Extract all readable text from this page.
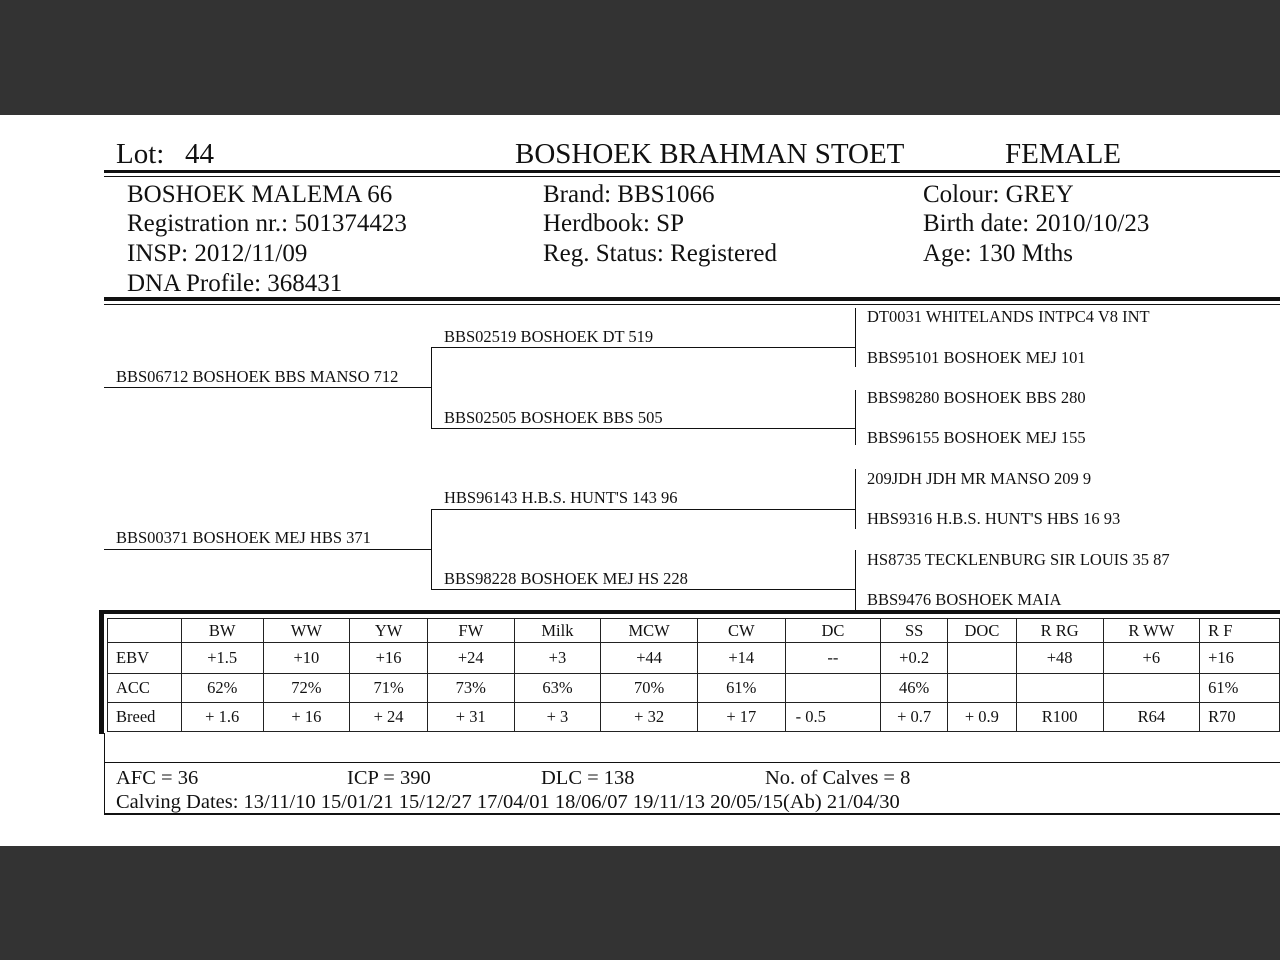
Lot: 44	BOSHOEK BRAHMAN STOET	FEMALE
BOSHOEK MALEMA 66
Registration nr.: 501374423
INSP: 2012/11/09
DNA Profile: 368431
Brand: BBS1066
Herdbook: SP
Reg. Status: Registered
Colour: GREY
Birth date: 2010/10/23
Age: 130 Mths
BBS06712 BOSHOEK BBS MANSO 712
BBS00371 BOSHOEK MEJ HBS 371
BBS02519 BOSHOEK DT 519
BBS02505 BOSHOEK BBS 505
HBS96143 H.B.S. HUNT'S 143 96
BBS98228 BOSHOEK MEJ HS 228
DT0031 WHITELANDS INTPC4 V8 INT
BBS95101 BOSHOEK MEJ 101
BBS98280 BOSHOEK BBS 280
BBS96155 BOSHOEK MEJ 155
209JDH JDH MR MANSO 209 9
HBS9316 H.B.S. HUNT'S HBS 16 93
HS8735 TECKLENBURG SIR LOUIS 35 87
BBS9476 BOSHOEK MAIA
	BW	WW	YW	FW	Milk	MCW	CW	DC	SS	DOC	R RG	R WW	R F
EBV	+1.5	+10	+16	+24	+3	+44	+14	--	+0.2		+48	+6	+16
ACC	62%	72%	71%	73%	63%	70%	61%		46%				61%
Breed	+ 1.6	+ 16	+ 24	+ 31	+ 3	+ 32	+ 17	- 0.5	+ 0.7	+ 0.9	R100	R64	R70
AFC = 36	ICP = 390	DLC = 138	No. of Calves = 8
Calving Dates: 13/11/10 15/01/21 15/12/27 17/04/01 18/06/07 19/11/13 20/05/15(Ab) 21/04/30
